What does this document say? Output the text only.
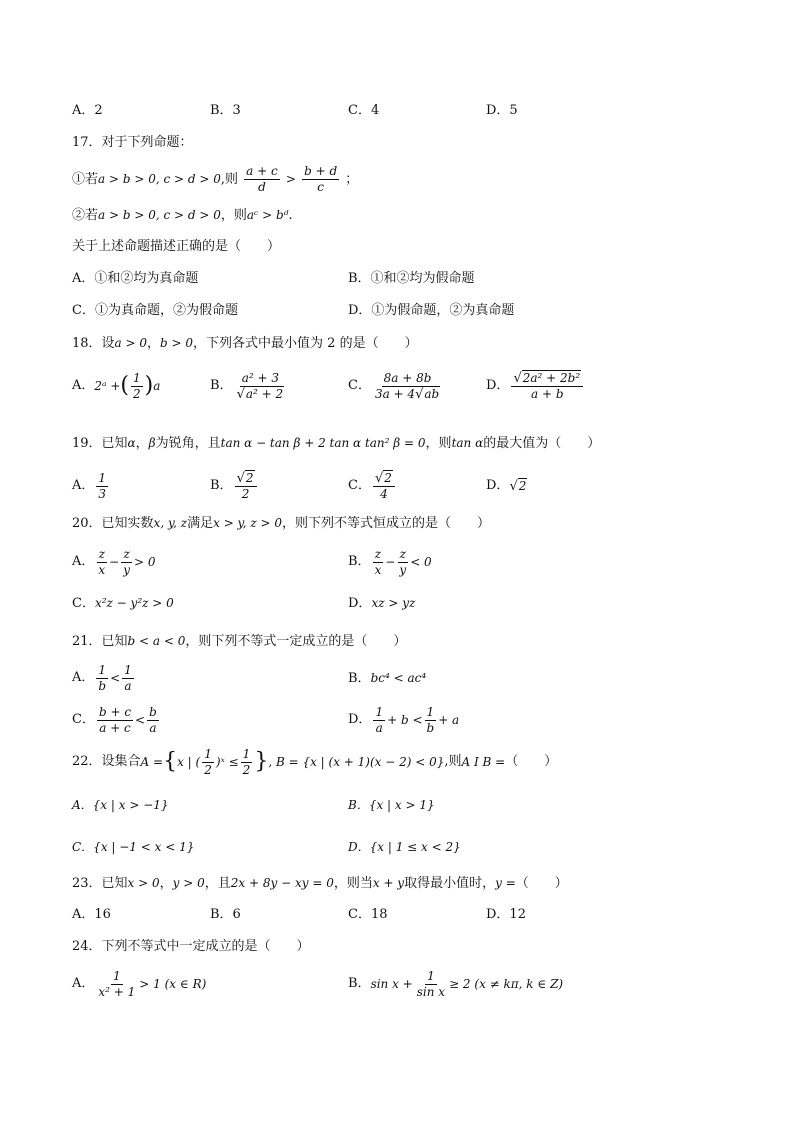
A．2	B．3	C．4	D．5
17．对于下列命题：
①若a > b > 0, c > d > 0,则 $\frac{a + c}{d} > \frac{b + d}{c}$ ；
②若a > b > 0, c > d > 0，则aᶜ > bᵈ.
关于上述命题描述正确的是（　　）
A．①和②均为真命题	B．①和②均为假命题
C．①为真命题，②为假命题	D．①为假命题，②为真命题
18．设a > 0，b > 0，下列各式中最小值为 2 的是（　　）
A． 2ᵃ + ( $\frac{1}{2}$ ) a	B． $\frac{\text{a² + 3}}{\text{√a² + 2}}$	C． $\frac{8a + 8b}{3a + 4√ab}$	D． $\frac{\text{√2a² + 2b²}}{a + b}$
19．已知α，β为锐角，且tan α − tan β + 2 tan α tan² β = 0，则tan α的最大值为（　　）
A． $\frac{1}{3}$	B． $\frac{√2}{2}$	C． $\frac{√2}{4}$	D． √2
20．已知实数x, y, z满足x > y, z > 0，则下列不等式恒成立的是（　　）
A． $\frac{z}{x} - \frac{z}{y} > 0$	B． $\frac{z}{x} - \frac{z}{y} < 0$
C．x²z − y²z > 0	D．xz > yz
21．已知b < a < 0，则下列不等式一定成立的是（　　）
A． $\frac{1}{b} < \frac{1}{a}$	B．bc⁴ < ac⁴
C． $\frac{b + c}{a + c} < \frac{b}{a}$	D． $\frac{1}{a} + b < \frac{1}{b} + a$
22．设集合 A = { x | ( $\frac{1}{2}$ )ˣ ≤ $\frac{1}{2}$ } , B = {x | (x + 1)(x − 2) < 0} ,则 A Ι B = （　　）
A．{x | x > −1}	B．{x | x > 1}
C．{x | −1 < x < 1}	D．{x | 1 ≤ x < 2}
23．已知x > 0，y > 0，且2x + 8y − xy = 0，则当x + y取得最小值时，y =（　　）
A．16	B．6	C．18	D．12
24．下列不等式中一定成立的是（　　）
A． $\frac{1}{\text{x² + 1}} > 1$ (x ∈ R)	B． $\sin x + \frac{1}{\text{sin x}} \ge 2$ (x ≠ kπ, k ∈ Z)
